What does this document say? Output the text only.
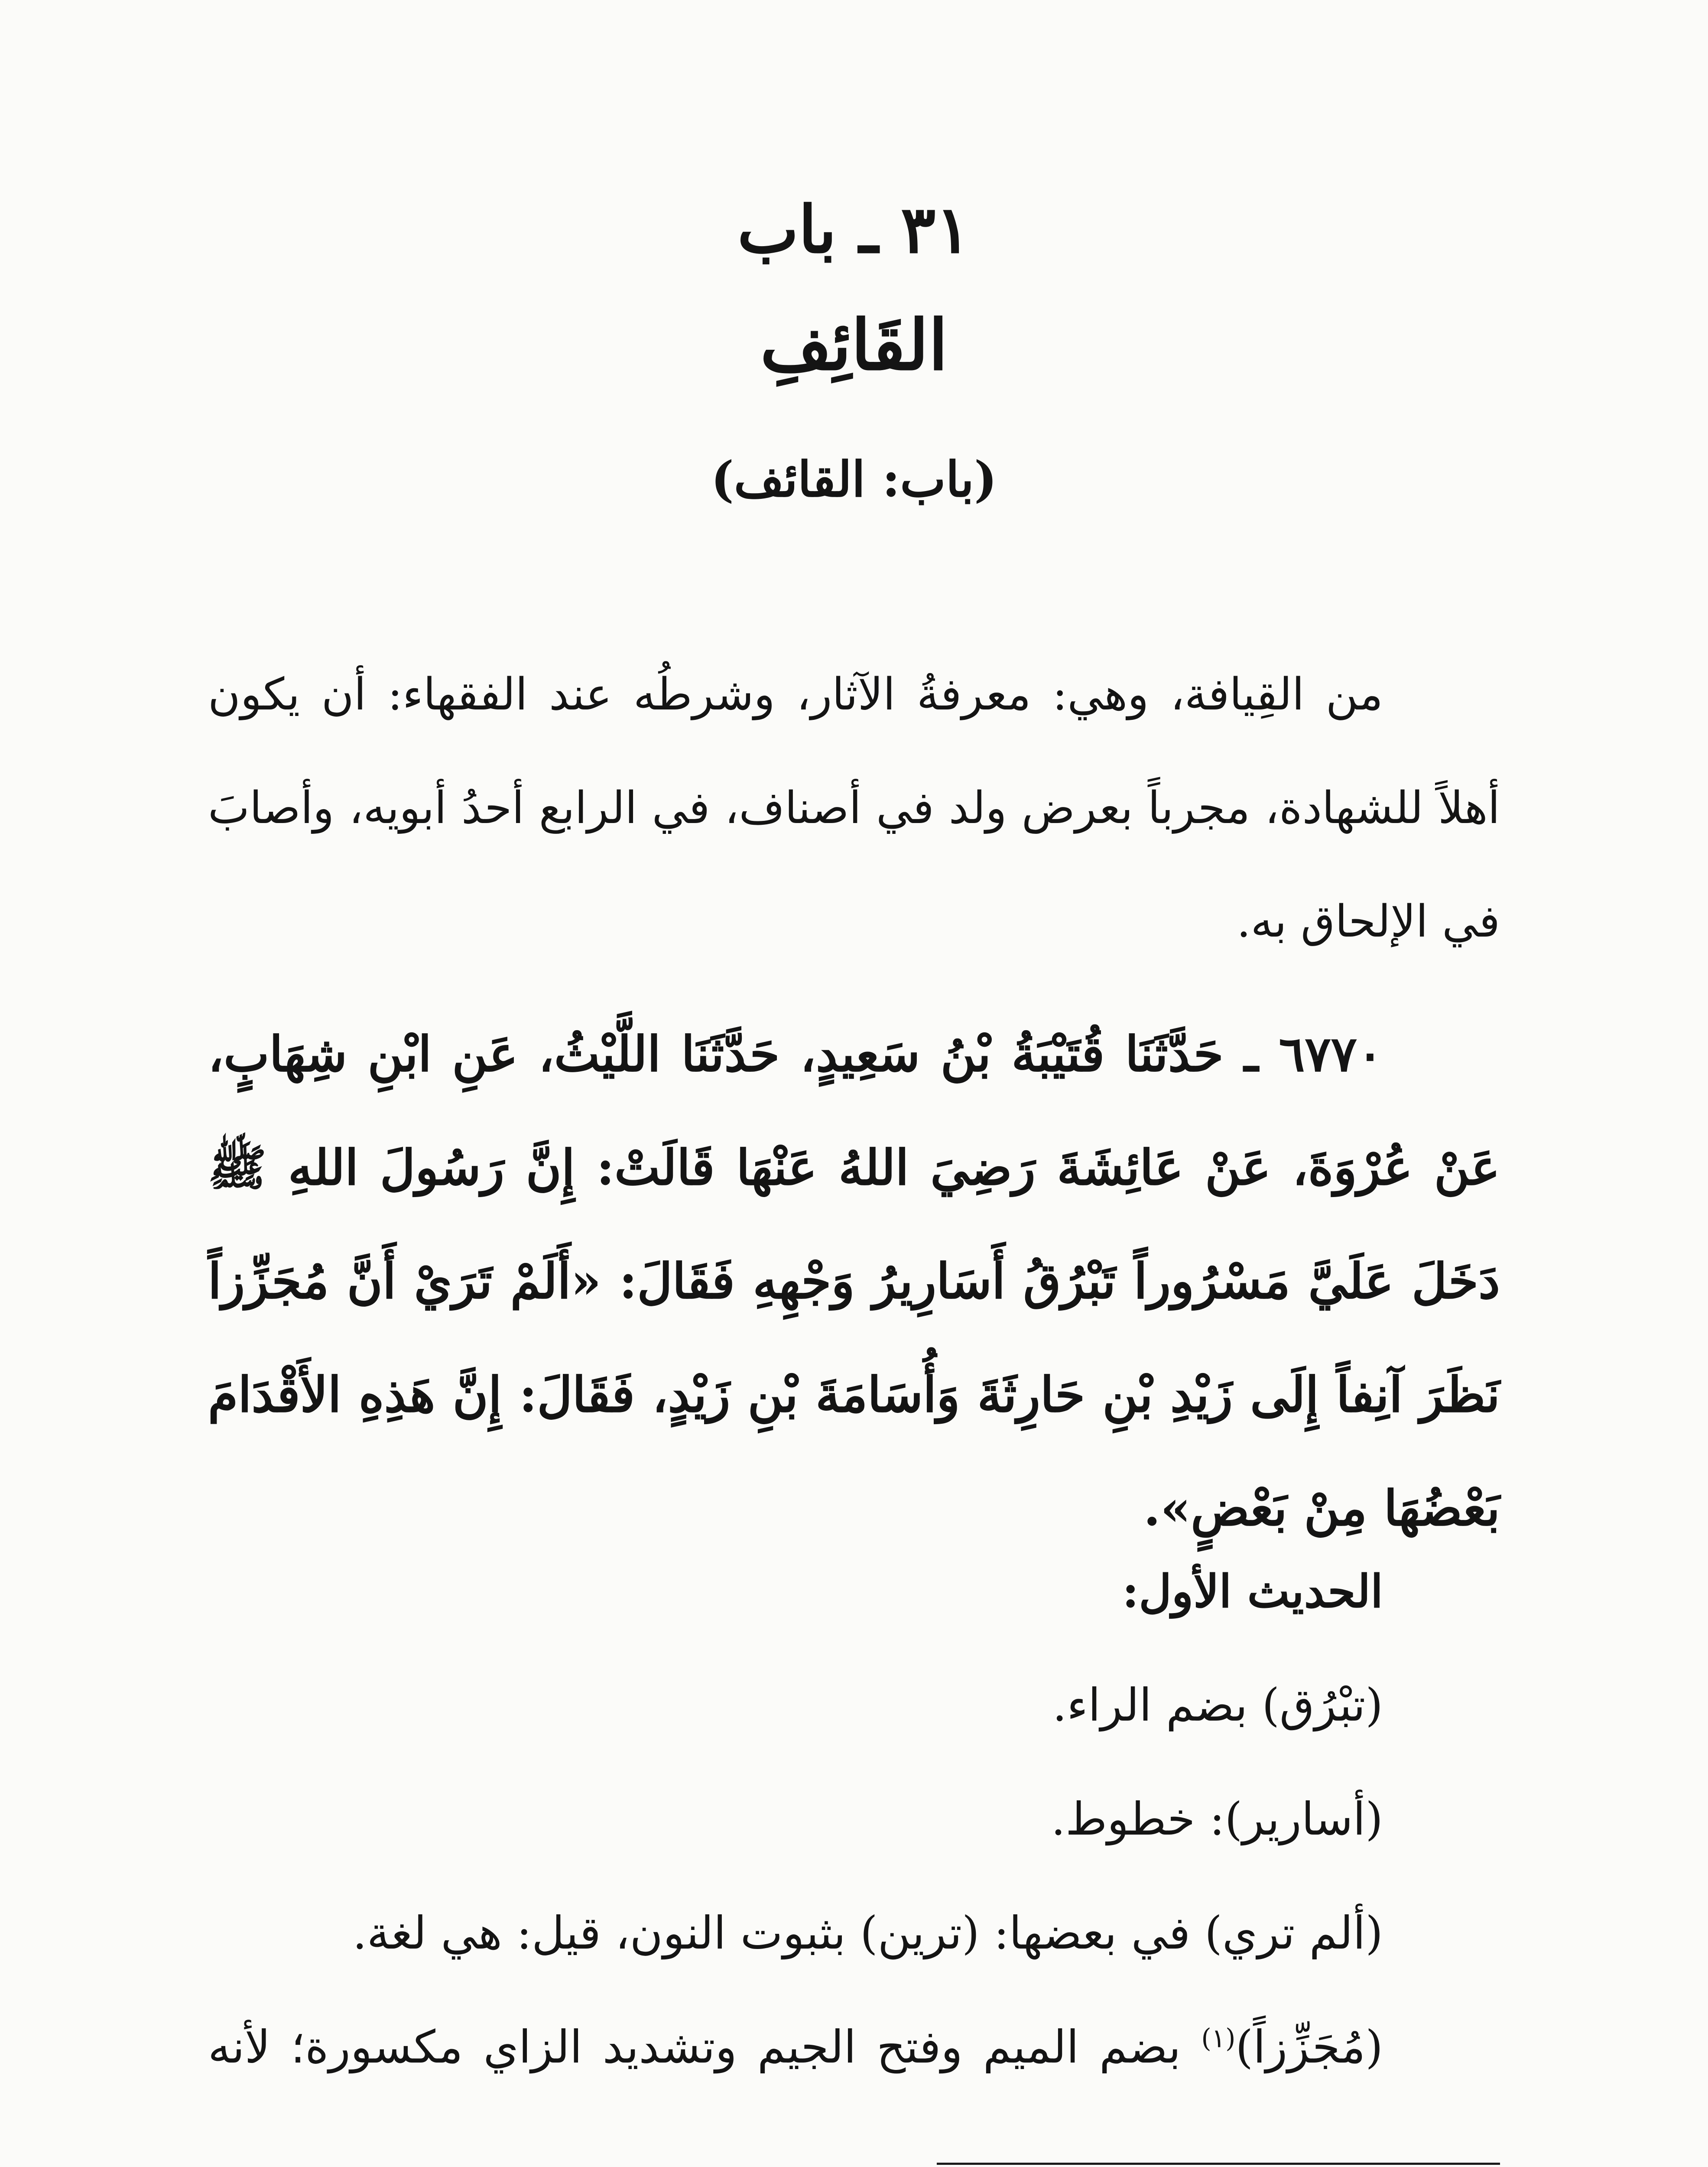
٣١ ـ باب
القَائِفِ
(باب: القائف)

من القِيافة، وهي: معرفةُ الآثار، وشرطُه عند الفقهاء: أن يكون أهلاً للشهادة، مجرباً بعرض ولد في أصناف، في الرابع أحدُ أبويه، وأصابَ في الإلحاق به.

٦٧٧٠ ـ حَدَّثَنَا قُتَيْبَةُ بْنُ سَعِيدٍ، حَدَّثَنَا اللَّيْثُ، عَنِ ابْنِ شِهَابٍ، عَنْ عُرْوَةَ، عَنْ عَائِشَةَ رَضِيَ اللهُ عَنْهَا قَالَتْ: إِنَّ رَسُولَ اللهِ ﷺ دَخَلَ عَلَيَّ مَسْرُوراً تَبْرُقُ أَسَارِيرُ وَجْهِهِ فَقَالَ: «أَلَمْ تَرَيْ أَنَّ مُجَزِّزاً نَظَرَ آنِفاً إِلَى زَيْدِ بْنِ حَارِثَةَ وَأُسَامَةَ بْنِ زَيْدٍ، فَقَالَ: إِنَّ هَذِهِ الأَقْدَامَ بَعْضُهَا مِنْ بَعْضٍ».

الحديث الأول:
(تبْرُق) بضم الراء.
(أسارير): خطوط.
(ألم تري) في بعضها: (ترين) بثبوت النون، قيل: هي لغة.
(مُجَزِّزاً)$^{(١)}$ بضم الميم وفتح الجيم وتشديد الزاي مكسورة؛ لأنه
